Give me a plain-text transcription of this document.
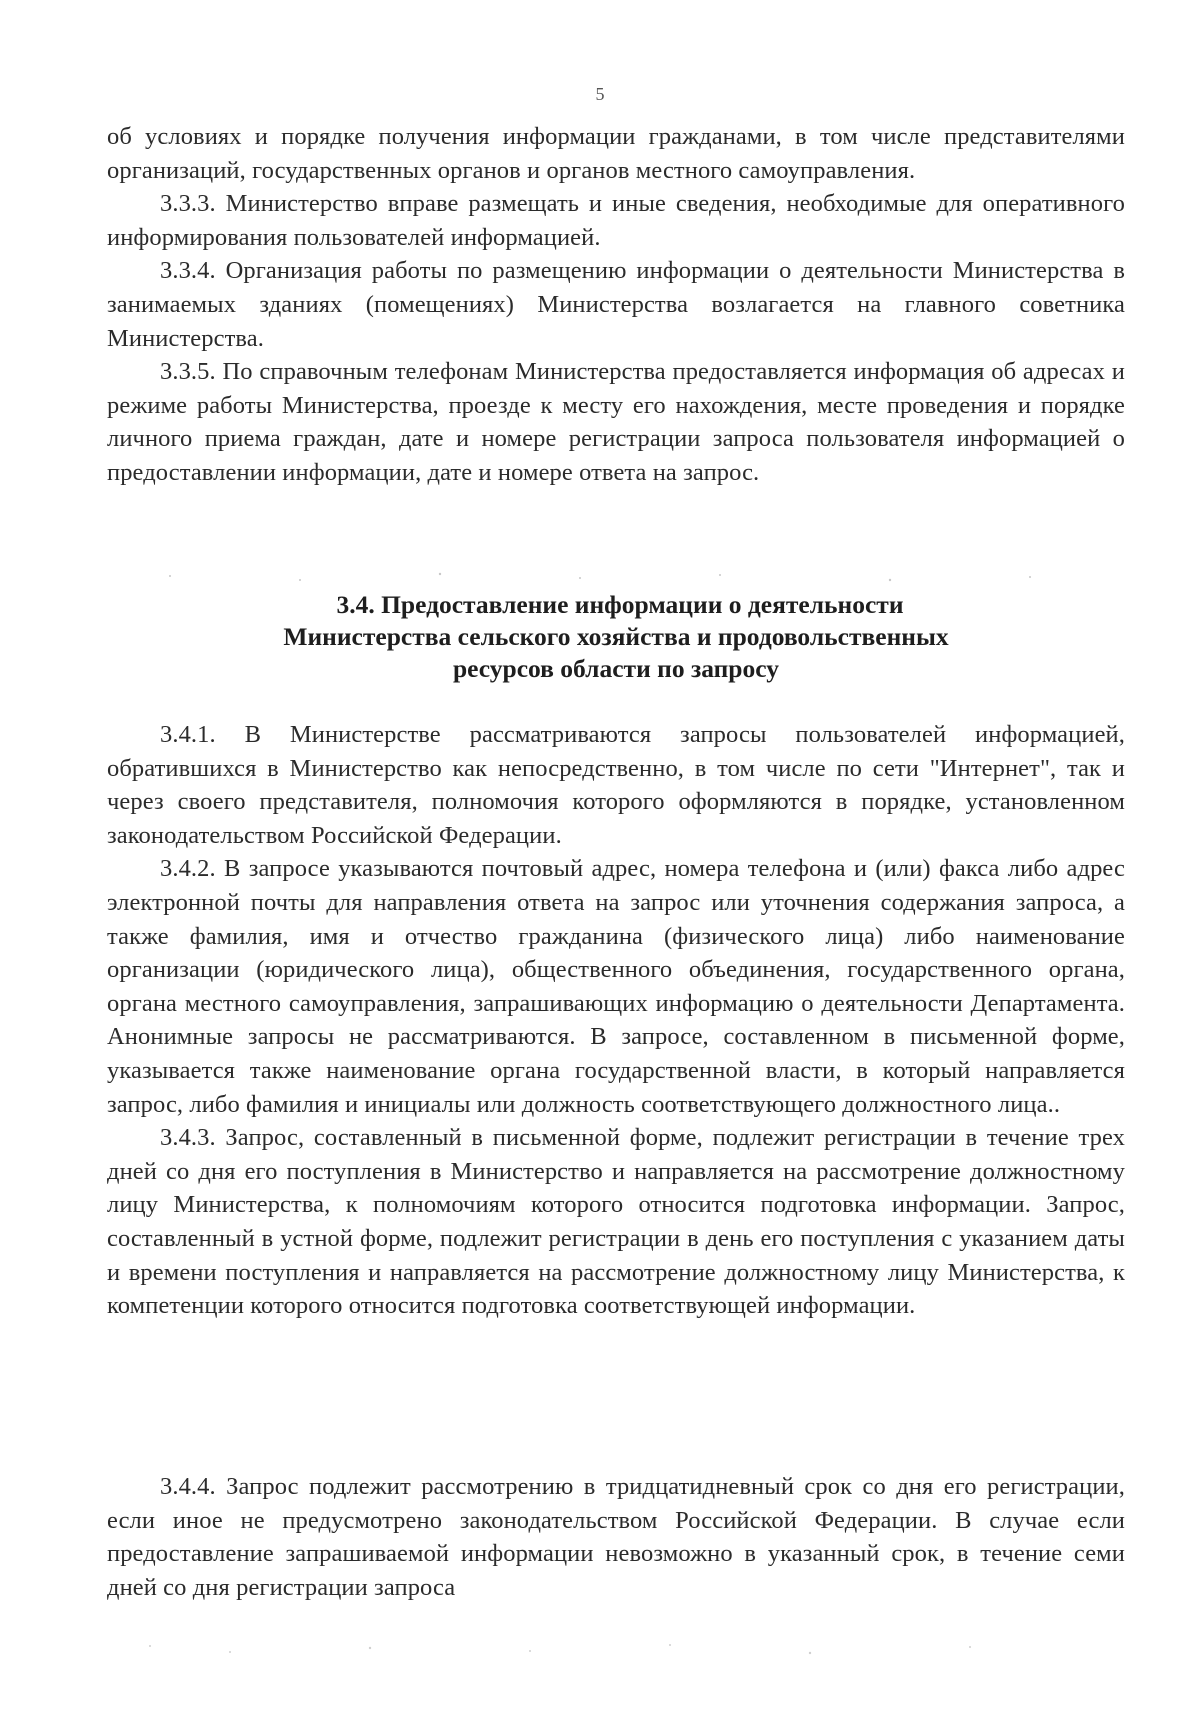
5

об условиях и порядке получения информации гражданами, в том числе представителями организаций, государственных органов и органов местного самоуправления.

3.3.3. Министерство вправе размещать и иные сведения, необходимые для оперативного информирования пользователей информацией.

3.3.4. Организация работы по размещению информации о деятельности Министерства в занимаемых зданиях (помещениях) Министерства возлагается на главного советника Министерства.

3.3.5. По справочным телефонам Министерства предоставляется информация об адресах и режиме работы Министерства, проезде к месту его нахождения, месте проведения и порядке личного приема граждан, дате и номере регистрации запроса пользователя информацией о предоставлении информации, дате и номере ответа на запрос.

3.4. Предоставление информации о деятельности
Министерства сельского хозяйства и продовольственных
ресурсов области по запросу

3.4.1. В Министерстве рассматриваются запросы пользователей информацией, обратившихся в Министерство как непосредственно, в том числе по сети "Интернет", так и через своего представителя, полномочия которого оформляются в порядке, установленном законодательством Российской Федерации.

3.4.2. В запросе указываются почтовый адрес, номера телефона и (или) факса либо адрес электронной почты для направления ответа на запрос или уточнения содержания запроса, а также фамилия, имя и отчество гражданина (физического лица) либо наименование организации (юридического лица), общественного объединения, государственного органа, органа местного самоуправления, запрашивающих информацию о деятельности Департамента. Анонимные запросы не рассматриваются. В запросе, составленном в письменной форме, указывается также наименование органа государственной власти, в который направляется запрос, либо фамилия и инициалы или должность соответствующего должностного лица..

3.4.3. Запрос, составленный в письменной форме, подлежит регистрации в течение трех дней со дня его поступления в Министерство и направляется на рассмотрение должностному лицу Министерства, к полномочиям которого относится подготовка информации. Запрос, составленный в устной форме, подлежит регистрации в день его поступления с указанием даты и времени поступления и направляется на рассмотрение должностному лицу Министерства, к компетенции которого относится подготовка соответствующей информации.

3.4.4. Запрос подлежит рассмотрению в тридцатидневный срок со дня его регистрации, если иное не предусмотрено законодательством Российской Федерации. В случае если предоставление запрашиваемой информации невозможно в указанный срок, в течение семи дней со дня регистрации запроса
